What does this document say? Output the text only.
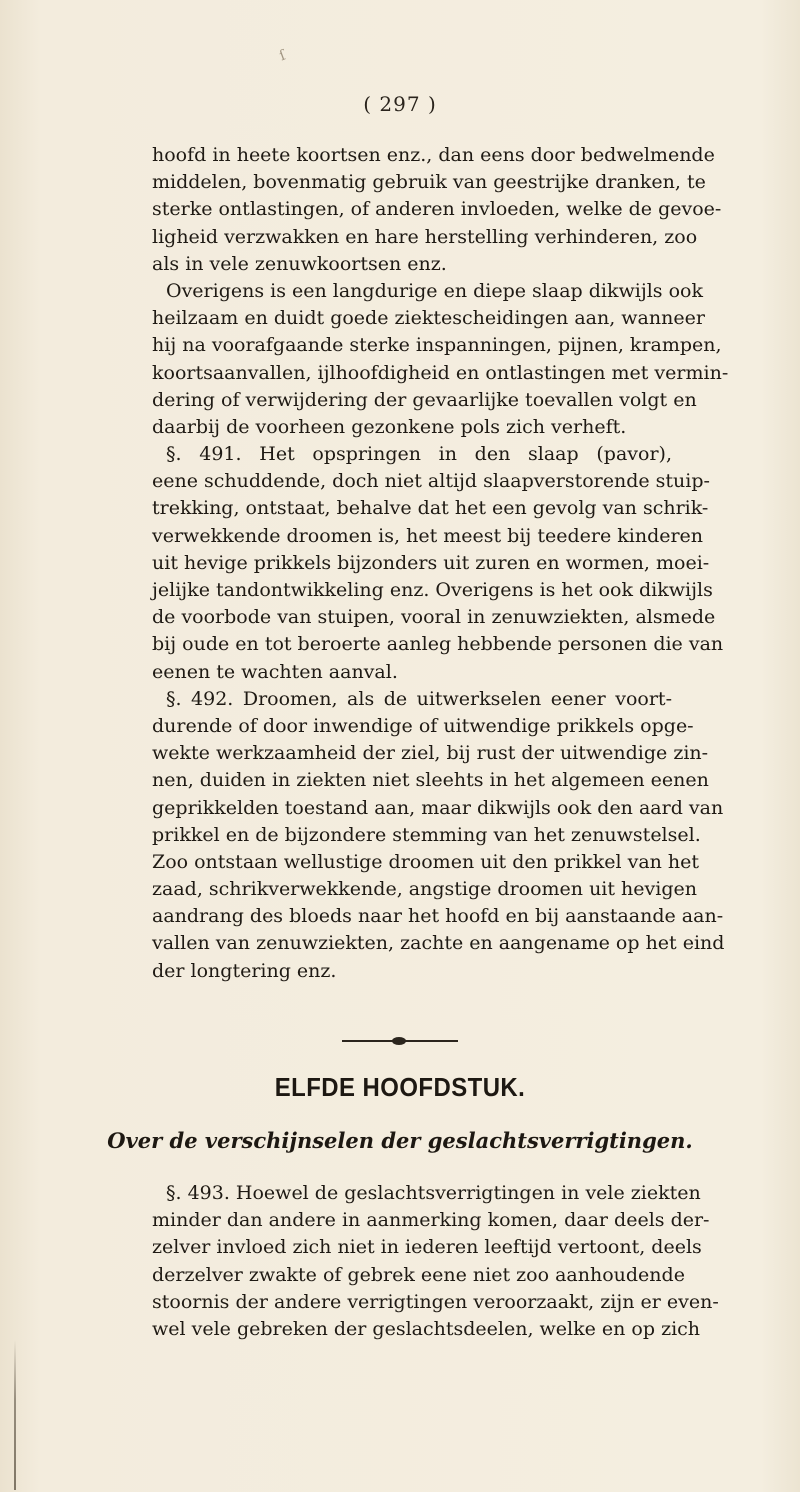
ſ
( 297 )
hoofd in heete koortsen enz., dan eens door bedwelmende
middelen, bovenmatig gebruik van geestrijke dranken, te
sterke ontlastingen, of anderen invloeden, welke de gevoe-
ligheid verzwakken en hare herstelling verhinderen, zoo
als in vele zenuwkoortsen enz.
Overigens is een langdurige en diepe slaap dikwijls ook
heilzaam en duidt goede ziektescheidingen aan, wanneer
hij na voorafgaande sterke inspanningen, pijnen, krampen,
koortsaanvallen, ijlhoofdigheid en ontlastingen met vermin-
dering of verwijdering der gevaarlijke toevallen volgt en
daarbij de voorheen gezonkene pols zich verheft.
§. 491. Het opspringen in den slaap (pavor),
eene schuddende, doch niet altijd slaapverstorende stuip-
trekking, ontstaat, behalve dat het een gevolg van schrik-
verwekkende droomen is, het meest bij teedere kinderen
uit hevige prikkels bijzonders uit zuren en wormen, moei-
jelijke tandontwikkeling enz. Overigens is het ook dikwijls
de voorbode van stuipen, vooral in zenuwziekten, alsmede
bij oude en tot beroerte aanleg hebbende personen die van
eenen te wachten aanval.
§. 492. Droomen, als de uitwerkselen eener voort-
durende of door inwendige of uitwendige prikkels opge-
wekte werkzaamheid der ziel, bij rust der uitwendige zin-
nen, duiden in ziekten niet sleehts in het algemeen eenen
geprikkelden toestand aan, maar dikwijls ook den aard van
prikkel en de bijzondere stemming van het zenuwstelsel.
Zoo ontstaan wellustige droomen uit den prikkel van het
zaad, schrikverwekkende, angstige droomen uit hevigen
aandrang des bloeds naar het hoofd en bij aanstaande aan-
vallen van zenuwziekten, zachte en aangename op het eind
der longtering enz.
ELFDE HOOFDSTUK.
Over de verschijnselen der geslachtsverrigtingen.
§. 493. Hoewel de geslachtsverrigtingen in vele ziekten
minder dan andere in aanmerking komen, daar deels der-
zelver invloed zich niet in iederen leeftijd vertoont, deels
derzelver zwakte of gebrek eene niet zoo aanhoudende
stoornis der andere verrigtingen veroorzaakt, zijn er even-
wel vele gebreken der geslachtsdeelen, welke en op zich
